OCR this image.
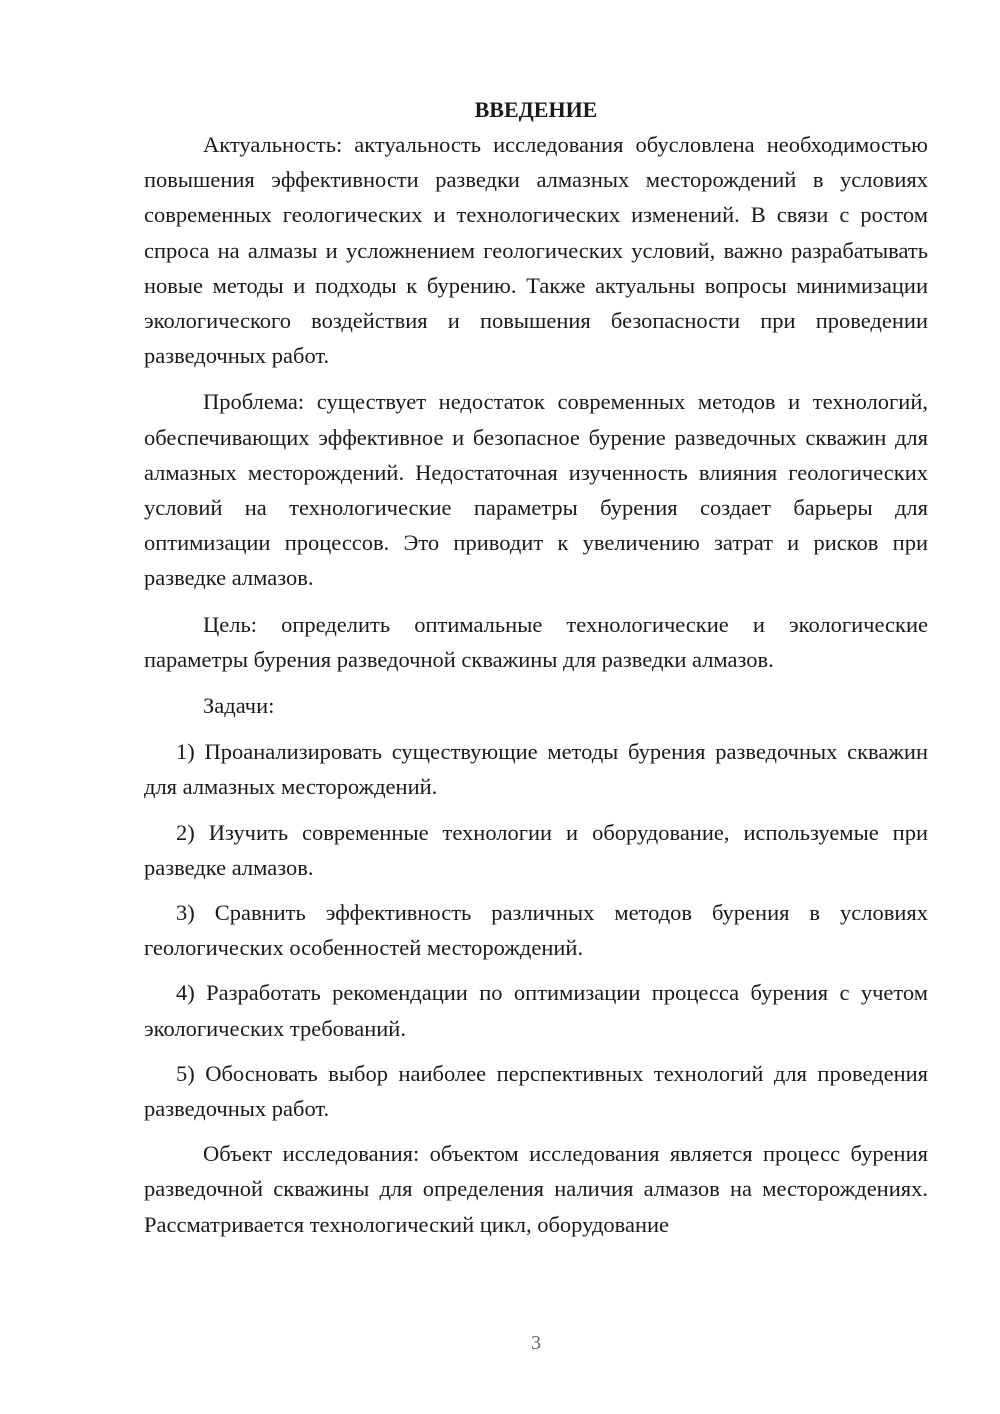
ВВЕДЕНИЕ

Актуальность: актуальность исследования обусловлена необходимостью повышения эффективности разведки алмазных месторождений в условиях современных геологических и технологических изменений. В связи с ростом спроса на алмазы и усложнением геологических условий, важно разрабатывать новые методы и подходы к бурению. Также актуальны вопросы минимизации экологического воздействия и повышения безопасности при проведении разведочных работ.

Проблема: существует недостаток современных методов и технологий, обеспечивающих эффективное и безопасное бурение разведочных скважин для алмазных месторождений. Недостаточная изученность влияния геологических условий на технологические параметры бурения создает барьеры для оптимизации процессов. Это приводит к увеличению затрат и рисков при разведке алмазов.

Цель: определить оптимальные технологические и экологические параметры бурения разведочной скважины для разведки алмазов.

Задачи:

1) Проанализировать существующие методы бурения разведочных скважин для алмазных месторождений.

2) Изучить современные технологии и оборудование, используемые при разведке алмазов.

3) Сравнить эффективность различных методов бурения в условиях геологических особенностей месторождений.

4) Разработать рекомендации по оптимизации процесса бурения с учетом экологических требований.

5) Обосновать выбор наиболее перспективных технологий для проведения разведочных работ.

Объект исследования: объектом исследования является процесс бурения разведочной скважины для определения наличия алмазов на месторождениях. Рассматривается технологический цикл, оборудование

3
